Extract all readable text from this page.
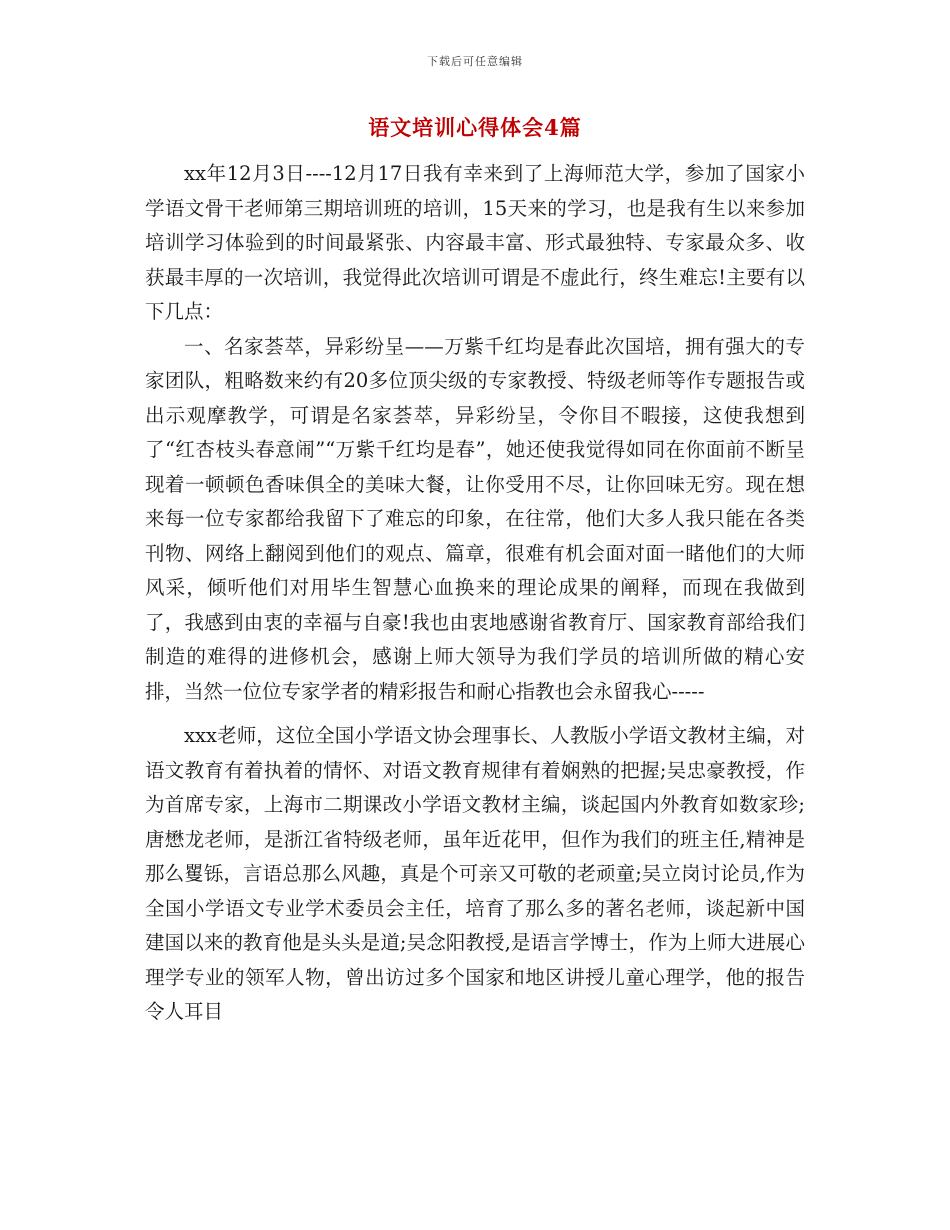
下载后可任意编辑
语文培训心得体会4篇

xx年12月3日----12月17日我有幸来到了上海师范大学，参加了国家小学语文骨干老师第三期培训班的培训，15天来的学习，也是我有生以来参加培训学习体验到的时间最紧张、内容最丰富、形式最独特、专家最众多、收获最丰厚的一次培训，我觉得此次培训可谓是不虚此行，终生难忘!主要有以下几点：

一、名家荟萃，异彩纷呈——万紫千红均是春此次国培，拥有强大的专家团队，粗略数来约有20多位顶尖级的专家教授、特级老师等作专题报告或出示观摩教学，可谓是名家荟萃，异彩纷呈，令你目不暇接，这使我想到了“红杏枝头春意闹”“万紫千红均是春”，她还使我觉得如同在你面前不断呈现着一顿顿色香味俱全的美味大餐，让你受用不尽，让你回味无穷。现在想来每一位专家都给我留下了难忘的印象，在往常，他们大多人我只能在各类刊物、网络上翻阅到他们的观点、篇章，很难有机会面对面一睹他们的大师风采，倾听他们对用毕生智慧心血换来的理论成果的阐释，而现在我做到了，我感到由衷的幸福与自豪!我也由衷地感谢省教育厅、国家教育部给我们制造的难得的进修机会，感谢上师大领导为我们学员的培训所做的精心安排，当然一位位专家学者的精彩报告和耐心指教也会永留我心-----

xxx老师，这位全国小学语文协会理事长、人教版小学语文教材主编，对语文教育有着执着的情怀、对语文教育规律有着娴熟的把握;吴忠豪教授，作为首席专家，上海市二期课改小学语文教材主编，谈起国内外教育如数家珍;唐懋龙老师，是浙江省特级老师，虽年近花甲，但作为我们的班主任,精神是那么矍铄，言语总那么风趣，真是个可亲又可敬的老顽童;吴立岗讨论员,作为全国小学语文专业学术委员会主任，培育了那么多的著名老师，谈起新中国建国以来的教育他是头头是道;吴念阳教授,是语言学博士，作为上师大进展心理学专业的领军人物，曾出访过多个国家和地区讲授儿童心理学，他的报告令人耳目
